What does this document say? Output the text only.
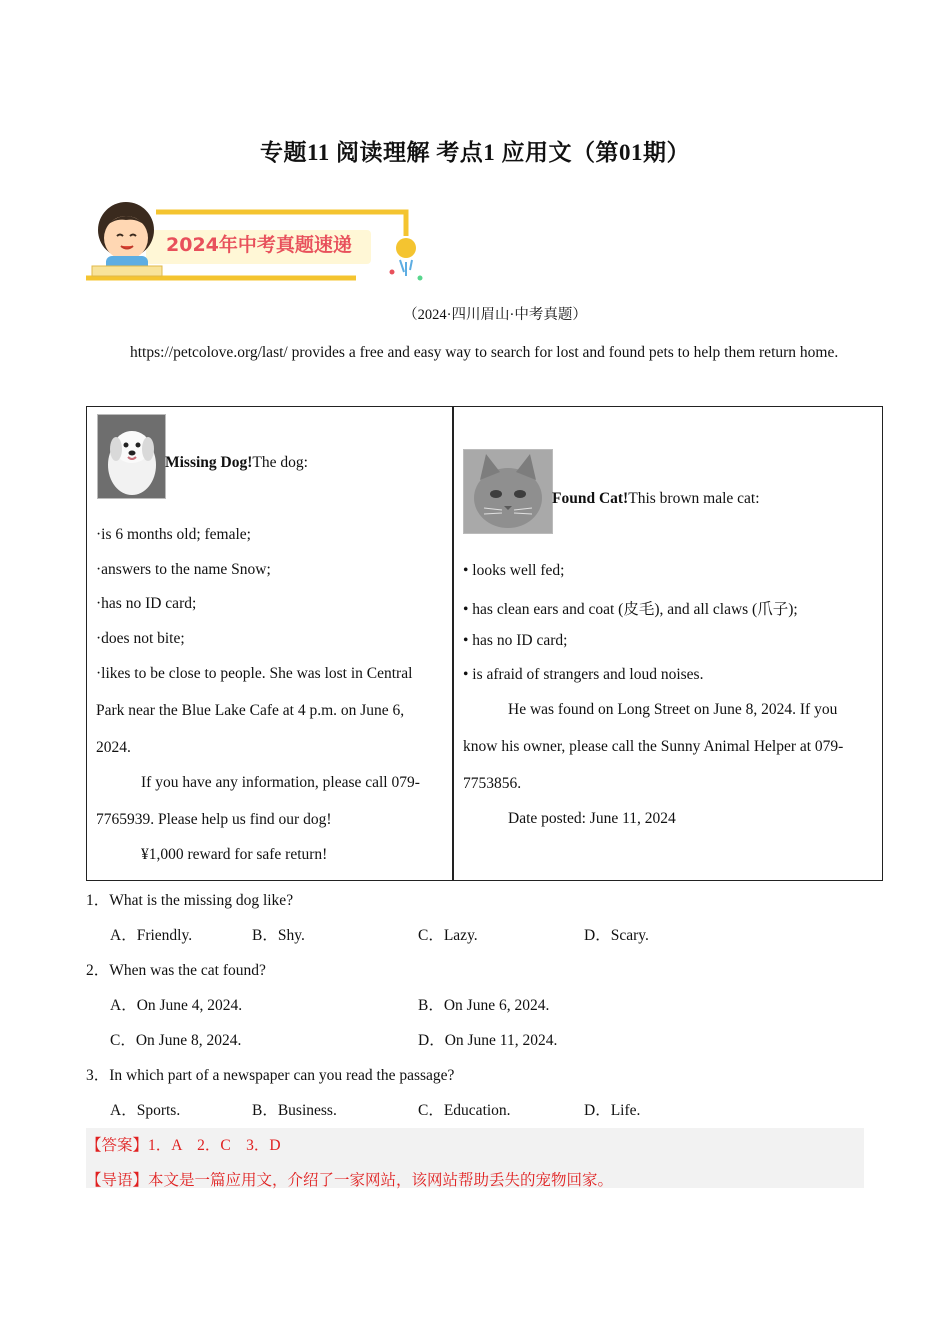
专题11 阅读理解 考点1 应用文（第01期）
2024年中考真题速递
（2024·四川眉山·中考真题）
https://petcolove.org/last/ provides a free and easy way to search for lost and found pets to help them return home.
Missing Dog!The dog:
·is 6 months old; female;
·answers to the name Snow;
·has no ID card;
·does not bite;
·likes to be close to people. She was lost in Central
Park near the Blue Lake Cafe at 4 p.m. on June 6,
2024.
If you have any information, please call 079-
7765939. Please help us find our dog!
¥1,000 reward for safe return!
Found Cat!This brown male cat:
• looks well fed;
• has clean ears and coat (皮毛), and all claws (爪子);
• has no ID card;
• is afraid of strangers and loud noises.
He was found on Long Street on June 8, 2024. If you
know his owner, please call the Sunny Animal Helper at 079-
7753856.
Date posted: June 11, 2024
1．What is the missing dog like?
A．Friendly.	B．Shy.	C．Lazy.	D．Scary.
2．When was the cat found?
A．On June 4, 2024.	B．On June 6, 2024.
C．On June 8, 2024.	D．On June 11, 2024.
3．In which part of a newspaper can you read the passage?
A．Sports.	B．Business.	C．Education.	D．Life.
【答案】1．A    2．C    3．D
【导语】本文是一篇应用文，介绍了一家网站，该网站帮助丢失的宠物回家。
